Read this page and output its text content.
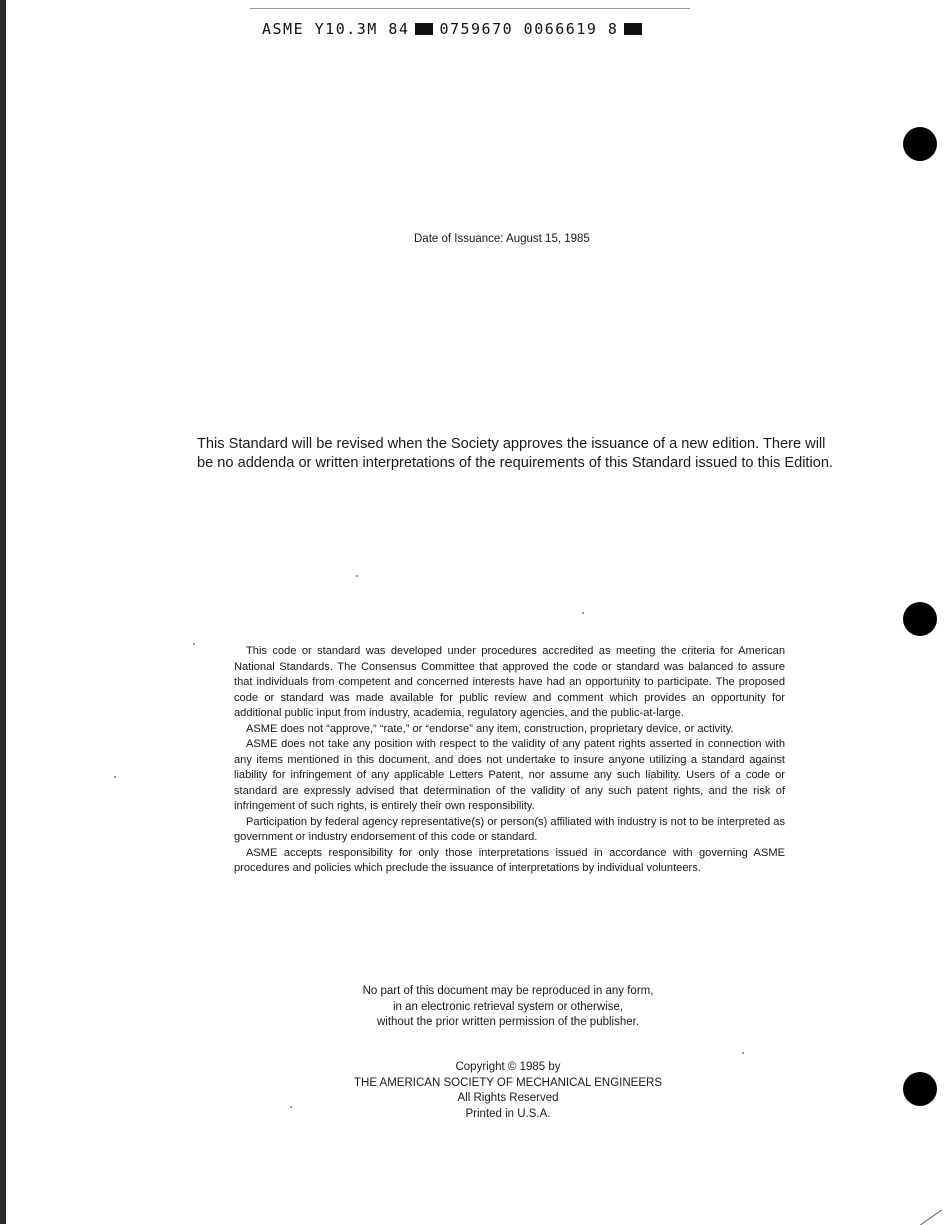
ASME Y10.3M 84 0759670 0066619 8
Date of Issuance: August 15, 1985

This Standard will be revised when the Society approves the issuance of a new edition. There will be no addenda or written interpretations of the requirements of this Standard issued to this Edition.

This code or standard was developed under procedures accredited as meeting the criteria for American National Standards. The Consensus Committee that approved the code or standard was balanced to assure that individuals from competent and concerned interests have had an opportunity to participate. The proposed code or standard was made available for public review and comment which provides an opportunity for additional public input from industry, academia, regulatory agencies, and the public-at-large.

ASME does not “approve,” “rate,” or “endorse” any item, construction, proprietary device, or activity.

ASME does not take any position with respect to the validity of any patent rights asserted in connection with any items mentioned in this document, and does not undertake to insure anyone utilizing a standard against liability for infringement of any applicable Letters Patent, nor assume any such liability. Users of a code or standard are expressly advised that determination of the validity of any such patent rights, and the risk of infringement of such rights, is entirely their own responsibility.

Participation by federal agency representative(s) or person(s) affiliated with industry is not to be interpreted as government or industry endorsement of this code or standard.

ASME accepts responsibility for only those interpretations issued in accordance with governing ASME procedures and policies which preclude the issuance of interpretations by individual volunteers.

No part of this document may be reproduced in any form,
in an electronic retrieval system or otherwise,
without the prior written permission of the publisher.
Copyright © 1985 by
THE AMERICAN SOCIETY OF MECHANICAL ENGINEERS
All Rights Reserved
Printed in U.S.A.
